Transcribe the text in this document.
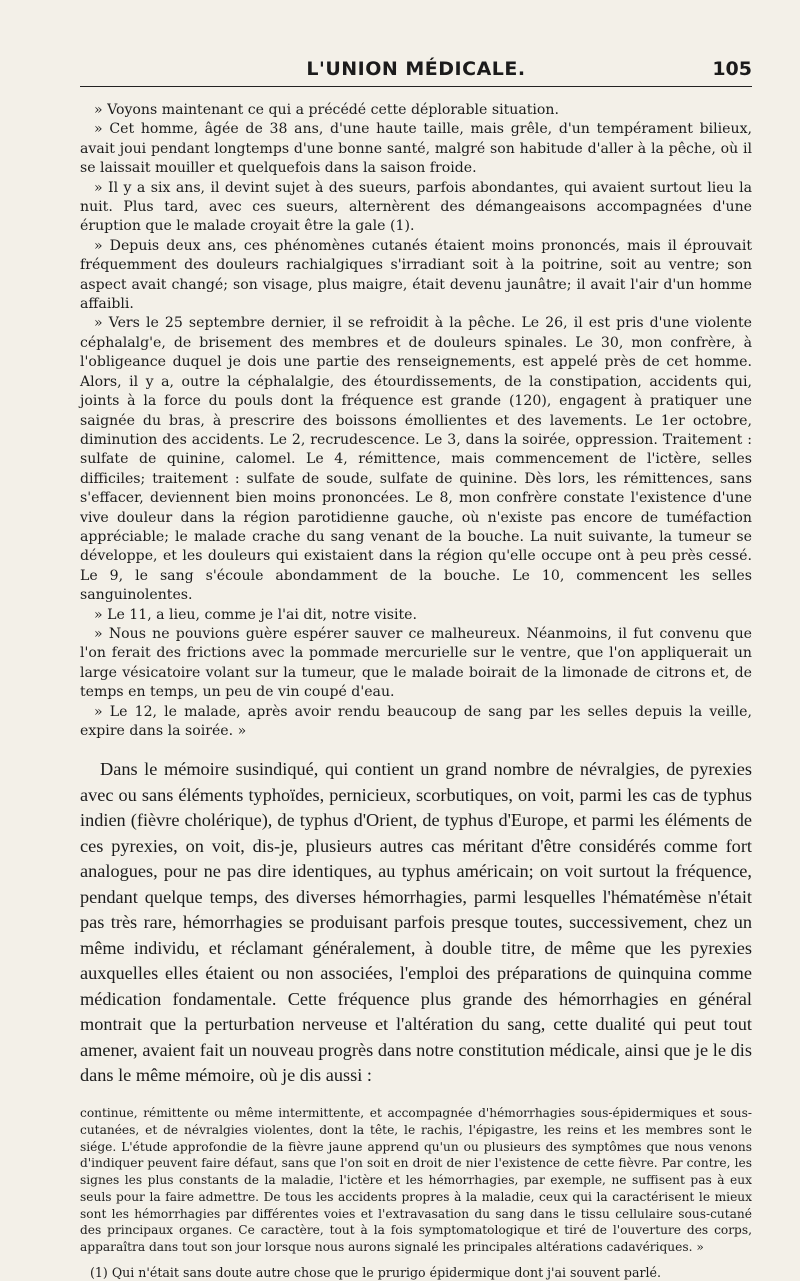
L'UNION MÉDICALE.	105

» Voyons maintenant ce qui a précédé cette déplorable situation.

» Cet homme, âgée de 38 ans, d'une haute taille, mais grêle, d'un tempérament bilieux, avait joui pendant longtemps d'une bonne santé, malgré son habitude d'aller à la pêche, où il se laissait mouiller et quelquefois dans la saison froide.

» Il y a six ans, il devint sujet à des sueurs, parfois abondantes, qui avaient surtout lieu la nuit. Plus tard, avec ces sueurs, alternèrent des démangeaisons accompagnées d'une éruption que le malade croyait être la gale (1).

» Depuis deux ans, ces phénomènes cutanés étaient moins prononcés, mais il éprouvait fréquemment des douleurs rachialgiques s'irradiant soit à la poitrine, soit au ventre; son aspect avait changé; son visage, plus maigre, était devenu jaunâtre; il avait l'air d'un homme affaibli.

» Vers le 25 septembre dernier, il se refroidit à la pêche. Le 26, il est pris d'une violente céphalalg'e, de brisement des membres et de douleurs spinales. Le 30, mon confrère, à l'obligeance duquel je dois une partie des renseignements, est appelé près de cet homme. Alors, il y a, outre la céphalalgie, des étourdissements, de la constipation, accidents qui, joints à la force du pouls dont la fréquence est grande (120), engagent à pratiquer une saignée du bras, à prescrire des boissons émollientes et des lavements. Le 1er octobre, diminution des accidents. Le 2, recrudescence. Le 3, dans la soirée, oppression. Traitement : sulfate de quinine, calomel. Le 4, rémittence, mais commencement de l'ictère, selles difficiles; traitement : sulfate de soude, sulfate de quinine. Dès lors, les rémittences, sans s'effacer, deviennent bien moins prononcées. Le 8, mon confrère constate l'existence d'une vive douleur dans la région parotidienne gauche, où n'existe pas encore de tuméfaction appréciable; le malade crache du sang venant de la bouche. La nuit suivante, la tumeur se développe, et les douleurs qui existaient dans la région qu'elle occupe ont à peu près cessé. Le 9, le sang s'écoule abondamment de la bouche. Le 10, commencent les selles sanguinolentes.

» Le 11, a lieu, comme je l'ai dit, notre visite.

» Nous ne pouvions guère espérer sauver ce malheureux. Néanmoins, il fut convenu que l'on ferait des frictions avec la pommade mercurielle sur le ventre, que l'on appliquerait un large vésicatoire volant sur la tumeur, que le malade boirait de la limonade de citrons et, de temps en temps, un peu de vin coupé d'eau.

» Le 12, le malade, après avoir rendu beaucoup de sang par les selles depuis la veille, expire dans la soirée. »

Dans le mémoire susindiqué, qui contient un grand nombre de névralgies, de pyrexies avec ou sans éléments typhoïdes, pernicieux, scorbutiques, on voit, parmi les cas de typhus indien (fièvre cholérique), de typhus d'Orient, de typhus d'Europe, et parmi les éléments de ces pyrexies, on voit, dis-je, plusieurs autres cas méritant d'être considérés comme fort analogues, pour ne pas dire identiques, au typhus américain; on voit surtout la fréquence, pendant quelque temps, des diverses hémorrhagies, parmi lesquelles l'hématémèse n'était pas très rare, hémorrhagies se produisant parfois presque toutes, successivement, chez un même individu, et réclamant généralement, à double titre, de même que les pyrexies auxquelles elles étaient ou non associées, l'emploi des préparations de quinquina comme médication fondamentale. Cette fréquence plus grande des hémorrhagies en général montrait que la perturbation nerveuse et l'altération du sang, cette dualité qui peut tout amener, avaient fait un nouveau progrès dans notre constitution médicale, ainsi que je le dis dans le même mémoire, où je dis aussi :

continue, rémittente ou même intermittente, et accompagnée d'hémorrhagies sous-épidermiques et sous-cutanées, et de névralgies violentes, dont la tête, le rachis, l'épigastre, les reins et les membres sont le siége. L'étude approfondie de la fièvre jaune apprend qu'un ou plusieurs des symptômes que nous venons d'indiquer peuvent faire défaut, sans que l'on soit en droit de nier l'existence de cette fièvre. Par contre, les signes les plus constants de la maladie, l'ictère et les hémorrhagies, par exemple, ne suffisent pas à eux seuls pour la faire admettre. De tous les accidents propres à la maladie, ceux qui la caractérisent le mieux sont les hémorrhagies par différentes voies et l'extravasation du sang dans le tissu cellulaire sous-cutané des principaux organes. Ce caractère, tout à la fois symptomatologique et tiré de l'ouverture des corps, apparaîtra dans tout son jour lorsque nous aurons signalé les principales altérations cadavériques. »

(1) Qui n'était sans doute autre chose que le prurigo épidermique dont j'ai souvent parlé.
